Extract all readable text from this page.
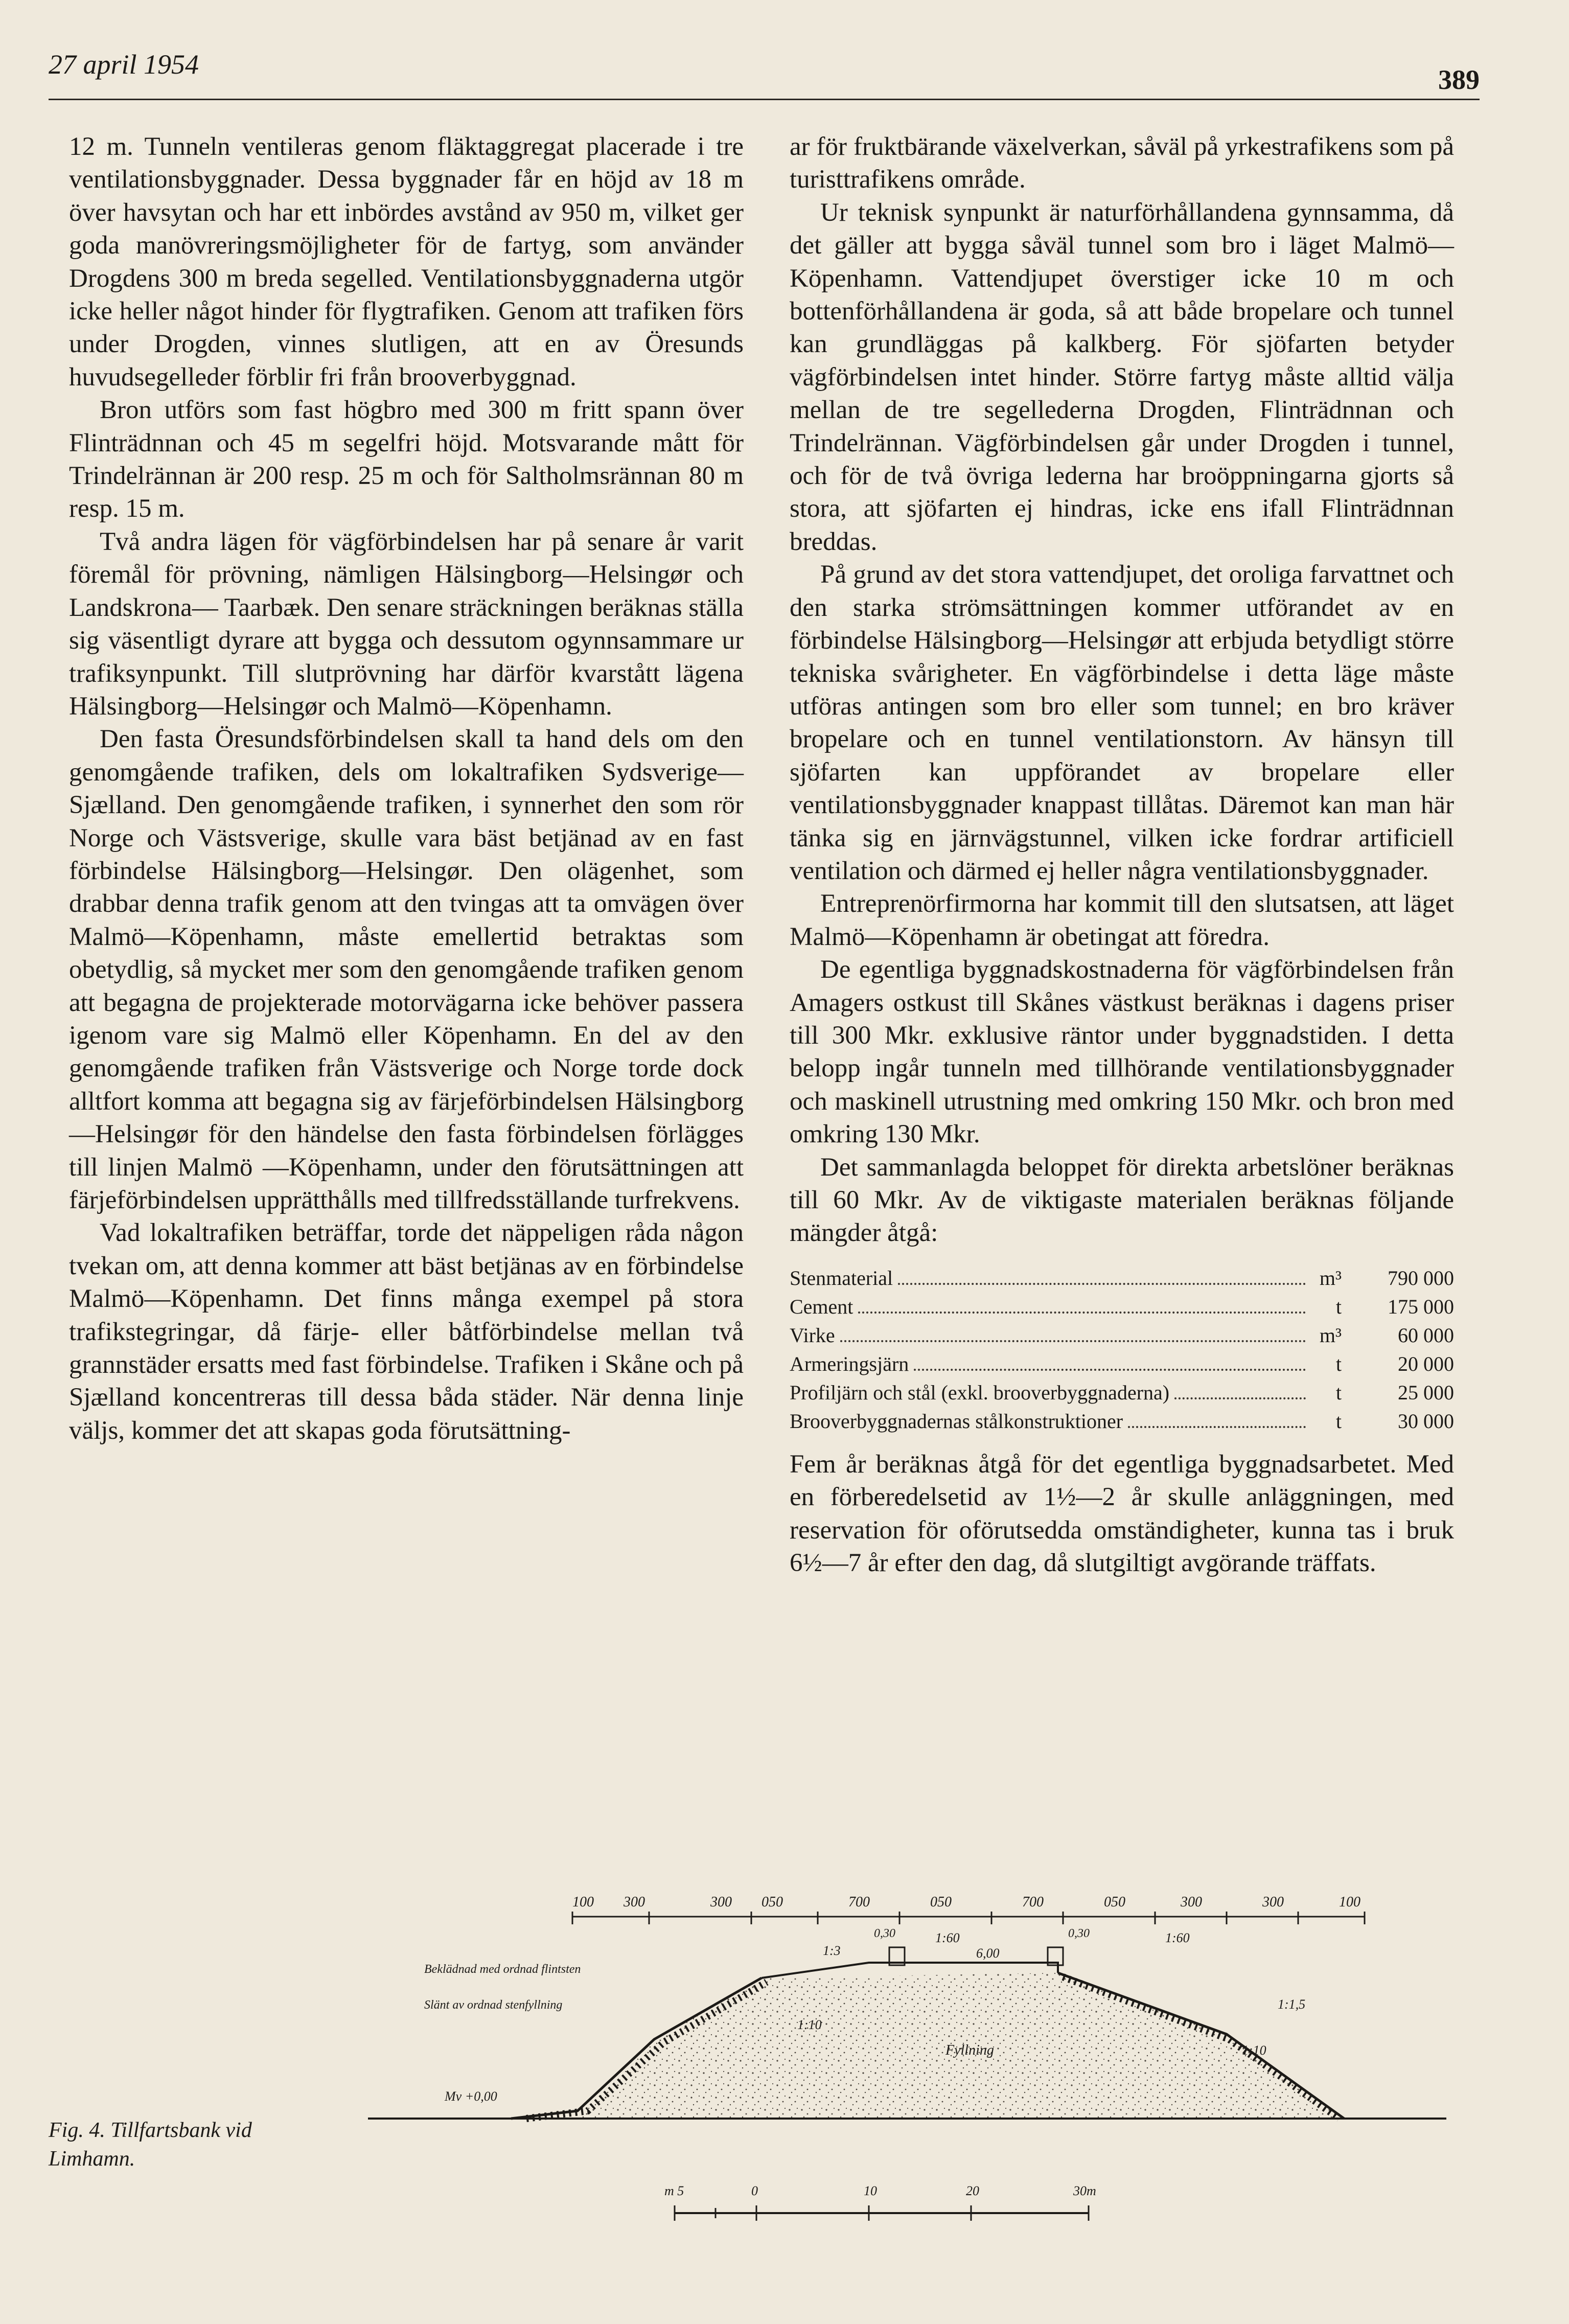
27 april 1954	389

12 m. Tunneln ventileras genom fläktaggregat placerade i tre ventilationsbyggnader. Dessa byggnader får en höjd av 18 m över havsytan och har ett inbördes avstånd av 950 m, vilket ger goda manövreringsmöjligheter för de fartyg, som använder Drogdens 300 m breda segelled. Ventilationsbyggnaderna utgör icke heller något hinder för flygtrafiken. Genom att trafiken förs under Drogden, vinnes slutligen, att en av Öresunds huvudsegelleder förblir fri från brooverbyggnad.

Bron utförs som fast högbro med 300 m fritt spann över Flinträdnnan och 45 m segelfri höjd. Motsvarande mått för Trindelrännan är 200 resp. 25 m och för Saltholmsrännan 80 m resp. 15 m.

Två andra lägen för vägförbindelsen har på senare år varit föremål för prövning, nämligen Hälsingborg—Helsingør och Landskrona— Taarbæk. Den senare sträckningen beräknas ställa sig väsentligt dyrare att bygga och dessutom ogynnsammare ur trafiksynpunkt. Till slutprövning har därför kvarstått lägena Hälsingborg—Helsingør och Malmö—Köpenhamn.

Den fasta Öresundsförbindelsen skall ta hand dels om den genomgående trafiken, dels om lokaltrafiken Sydsverige—Sjælland. Den genomgående trafiken, i synnerhet den som rör Norge och Västsverige, skulle vara bäst betjänad av en fast förbindelse Hälsingborg—Helsingør. Den olägenhet, som drabbar denna trafik genom att den tvingas att ta omvägen över Malmö—Köpenhamn, måste emellertid betraktas som obetydlig, så mycket mer som den genomgående trafiken genom att begagna de projekterade motorvägarna icke behöver passera igenom vare sig Malmö eller Köpenhamn. En del av den genomgående trafiken från Västsverige och Norge torde dock alltfort komma att begagna sig av färjeförbindelsen Hälsingborg—Helsingør för den händelse den fasta förbindelsen förlägges till linjen Malmö —Köpenhamn, under den förutsättningen att färjeförbindelsen upprätthålls med tillfredsställande turfrekvens.

Vad lokaltrafiken beträffar, torde det näppeligen råda någon tvekan om, att denna kommer att bäst betjänas av en förbindelse Malmö—Köpenhamn. Det finns många exempel på stora trafikstegringar, då färje- eller båtförbindelse mellan två grannstäder ersatts med fast förbindelse. Trafiken i Skåne och på Sjælland koncentreras till dessa båda städer. När denna linje väljs, kommer det att skapas goda förutsättning-

ar för fruktbärande växelverkan, såväl på yrkestrafikens som på turisttrafikens område.

Ur teknisk synpunkt är naturförhållandena gynnsamma, då det gäller att bygga såväl tunnel som bro i läget Malmö—Köpenhamn. Vattendjupet överstiger icke 10 m och bottenförhållandena är goda, så att både bropelare och tunnel kan grundläggas på kalkberg. För sjöfarten betyder vägförbindelsen intet hinder. Större fartyg måste alltid välja mellan de tre segellederna Drogden, Flinträdnnan och Trindelrännan. Vägförbindelsen går under Drogden i tunnel, och för de två övriga lederna har broöppningarna gjorts så stora, att sjöfarten ej hindras, icke ens ifall Flinträdnnan breddas.

På grund av det stora vattendjupet, det oroliga farvattnet och den starka strömsättningen kommer utförandet av en förbindelse Hälsingborg—Helsingør att erbjuda betydligt större tekniska svårigheter. En vägförbindelse i detta läge måste utföras antingen som bro eller som tunnel; en bro kräver bropelare och en tunnel ventilationstorn. Av hänsyn till sjöfarten kan uppförandet av bropelare eller ventilationsbyggnader knappast tillåtas. Däremot kan man här tänka sig en järnvägstunnel, vilken icke fordrar artificiell ventilation och därmed ej heller några ventilationsbyggnader.

Entreprenörfirmorna har kommit till den slutsatsen, att läget Malmö—Köpenhamn är obetingat att föredra.

De egentliga byggnadskostnaderna för vägförbindelsen från Amagers ostkust till Skånes västkust beräknas i dagens priser till 300 Mkr. exklusive räntor under byggnadstiden. I detta belopp ingår tunneln med tillhörande ventilationsbyggnader och maskinell utrustning med omkring 150 Mkr. och bron med omkring 130 Mkr.

Det sammanlagda beloppet för direkta arbetslöner beräknas till 60 Mkr. Av de viktigaste materialen beräknas följande mängder åtgå:

Stenmaterial	m³	790 000
Cement	t	175 000
Virke	m³	60 000
Armeringsjärn	t	20 000
Profiljärn och stål (exkl. brooverbyggnaderna)	t	25 000
Brooverbyggnadernas stålkonstruktioner	t	30 000

Fem år beräknas åtgå för det egentliga byggnadsarbetet. Med en förberedelsetid av 1½—2 år skulle anläggningen, med reservation för oförutsedda omständigheter, kunna tas i bruk 6½—7 år efter den dag, då slutgiltigt avgörande träffats.

Fig. 4. Tillfartsbank vid Limhamn.
100 300	300 050	700	050	700	050	300	300	100
1:3
1:60
6,00
1:60
1:10
1:10
0,30	0,30
1:1,5
Beklädnad med ordnad flintsten
Slänt av ordnad stenfyllning
Fyllning
Mv +0,00
m 5	0	10	20	30m
